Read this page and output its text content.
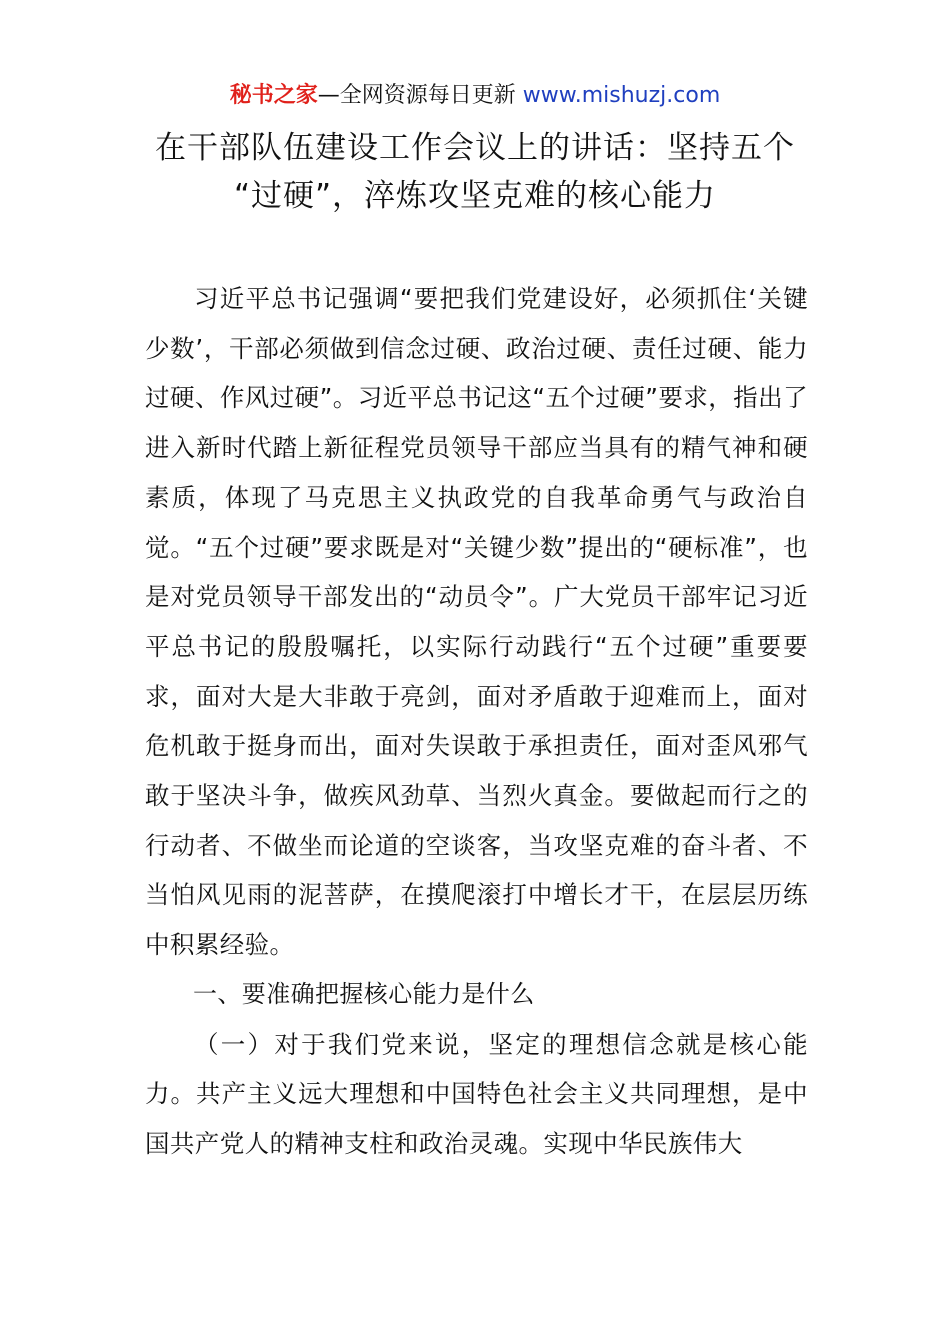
秘书之家—全网资源每日更新 www.mishuzj.com
在干部队伍建设工作会议上的讲话：坚持五个
“过硬”，淬炼攻坚克难的核心能力

习近平总书记强调“要把我们党建设好，必须抓住‘关键少数’，干部必须做到信念过硬、政治过硬、责任过硬、能力过硬、作风过硬”。习近平总书记这“五个过硬”要求，指出了进入新时代踏上新征程党员领导干部应当具有的精气神和硬素质，体现了马克思主义执政党的自我革命勇气与政治自觉。“五个过硬”要求既是对“关键少数”提出的“硬标准”，也是对党员领导干部发出的“动员令”。广大党员干部牢记习近平总书记的殷殷嘱托，以实际行动践行“五个过硬”重要要求，面对大是大非敢于亮剑，面对矛盾敢于迎难而上，面对危机敢于挺身而出，面对失误敢于承担责任，面对歪风邪气敢于坚决斗争，做疾风劲草、当烈火真金。要做起而行之的行动者、不做坐而论道的空谈客，当攻坚克难的奋斗者、不当怕风见雨的泥菩萨，在摸爬滚打中增长才干，在层层历练中积累经验。

一、要准确把握核心能力是什么

（一）对于我们党来说，坚定的理想信念就是核心能力。共产主义远大理想和中国特色社会主义共同理想，是中国共产党人的精神支柱和政治灵魂。实现中华民族伟大
